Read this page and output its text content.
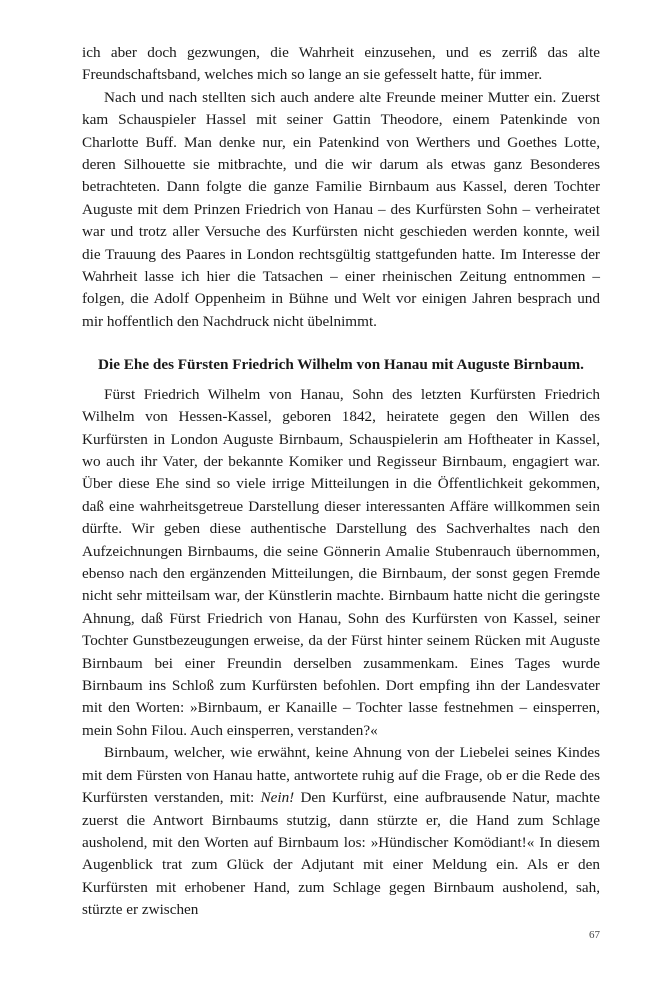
ich aber doch gezwungen, die Wahrheit einzusehen, und es zerriß das alte Freundschaftsband, welches mich so lange an sie gefesselt hatte, für immer.

Nach und nach stellten sich auch andere alte Freunde meiner Mutter ein. Zuerst kam Schauspieler Hassel mit seiner Gattin Theodore, einem Patenkinde von Charlotte Buff. Man denke nur, ein Patenkind von Werthers und Goethes Lotte, deren Silhouette sie mitbrachte, und die wir darum als etwas ganz Besonderes betrachteten. Dann folgte die ganze Familie Birnbaum aus Kassel, deren Tochter Auguste mit dem Prinzen Friedrich von Hanau – des Kurfürsten Sohn – verheiratet war und trotz aller Versuche des Kurfürsten nicht geschieden werden konnte, weil die Trauung des Paares in London rechtsgültig stattgefunden hatte. Im Interesse der Wahrheit lasse ich hier die Tatsachen – einer rheinischen Zeitung entnommen – folgen, die Adolf Oppenheim in Bühne und Welt vor einigen Jahren besprach und mir hoffentlich den Nachdruck nicht übelnimmt.

Die Ehe des Fürsten Friedrich Wilhelm von Hanau mit Auguste Birnbaum.

Fürst Friedrich Wilhelm von Hanau, Sohn des letzten Kurfürsten Friedrich Wilhelm von Hessen-Kassel, geboren 1842, heiratete gegen den Willen des Kurfürsten in London Auguste Birnbaum, Schauspielerin am Hoftheater in Kassel, wo auch ihr Vater, der bekannte Komiker und Regisseur Birnbaum, engagiert war. Über diese Ehe sind so viele irrige Mitteilungen in die Öffentlichkeit gekommen, daß eine wahrheitsgetreue Darstellung dieser interessanten Affäre willkommen sein dürfte. Wir geben diese authentische Darstellung des Sachverhaltes nach den Aufzeichnungen Birnbaums, die seine Gönnerin Amalie Stubenrauch übernommen, ebenso nach den ergänzenden Mitteilungen, die Birnbaum, der sonst gegen Fremde nicht sehr mitteilsam war, der Künstlerin machte. Birnbaum hatte nicht die geringste Ahnung, daß Fürst Friedrich von Hanau, Sohn des Kurfürsten von Kassel, seiner Tochter Gunstbezeugungen erweise, da der Fürst hinter seinem Rücken mit Auguste Birnbaum bei einer Freundin derselben zusammenkam. Eines Tages wurde Birnbaum ins Schloß zum Kurfürsten befohlen. Dort empfing ihn der Landesvater mit den Worten: »Birnbaum, er Kanaille – Tochter lasse festnehmen – einsperren, mein Sohn Filou. Auch einsperren, verstanden?«

Birnbaum, welcher, wie erwähnt, keine Ahnung von der Liebelei seines Kindes mit dem Fürsten von Hanau hatte, antwortete ruhig auf die Frage, ob er die Rede des Kurfürsten verstanden, mit: Nein! Den Kurfürst, eine aufbrausende Natur, machte zuerst die Antwort Birnbaums stutzig, dann stürzte er, die Hand zum Schlage ausholend, mit den Worten auf Birnbaum los: »Hündischer Komödiant!« In diesem Augenblick trat zum Glück der Adjutant mit einer Meldung ein. Als er den Kurfürsten mit erhobener Hand, zum Schlage gegen Birnbaum ausholend, sah, stürzte er zwischen

67
